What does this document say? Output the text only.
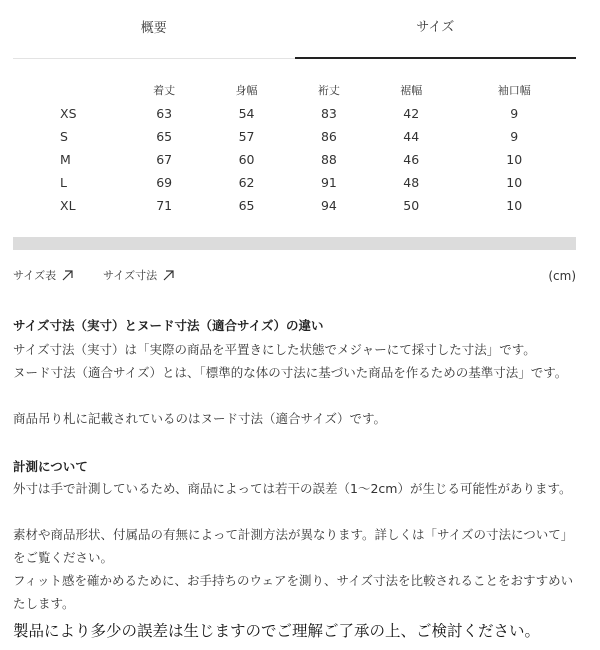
概要	サイズ
	着丈	身幅	裄丈	裾幅	袖口幅
XS	63	54	83	42	9
S	65	57	86	44	9
M	67	60	88	46	10
L	69	62	91	48	10
XL	71	65	94	50	10
サイズ表	サイズ寸法	(cm)
サイズ寸法（実寸）とヌード寸法（適合サイズ）の違い
サイズ寸法（実寸）は「実際の商品を平置きにした状態でメジャーにて採寸した寸法」です。
ヌード寸法（適合サイズ）とは、「標準的な体の寸法に基づいた商品を作るための基準寸法」です。
商品吊り札に記載されているのはヌード寸法（適合サイズ）です。
計測について
外寸は手で計測しているため、商品によっては若干の誤差（1〜2cm）が生じる可能性があります。
素材や商品形状、付属品の有無によって計測方法が異なります。詳しくは「サイズの寸法について」をご覧ください。
フィット感を確かめるために、お手持ちのウェアを測り、サイズ寸法を比較されることをおすすめいたします。
製品により多少の誤差は生じますのでご理解ご了承の上、ご検討ください。
